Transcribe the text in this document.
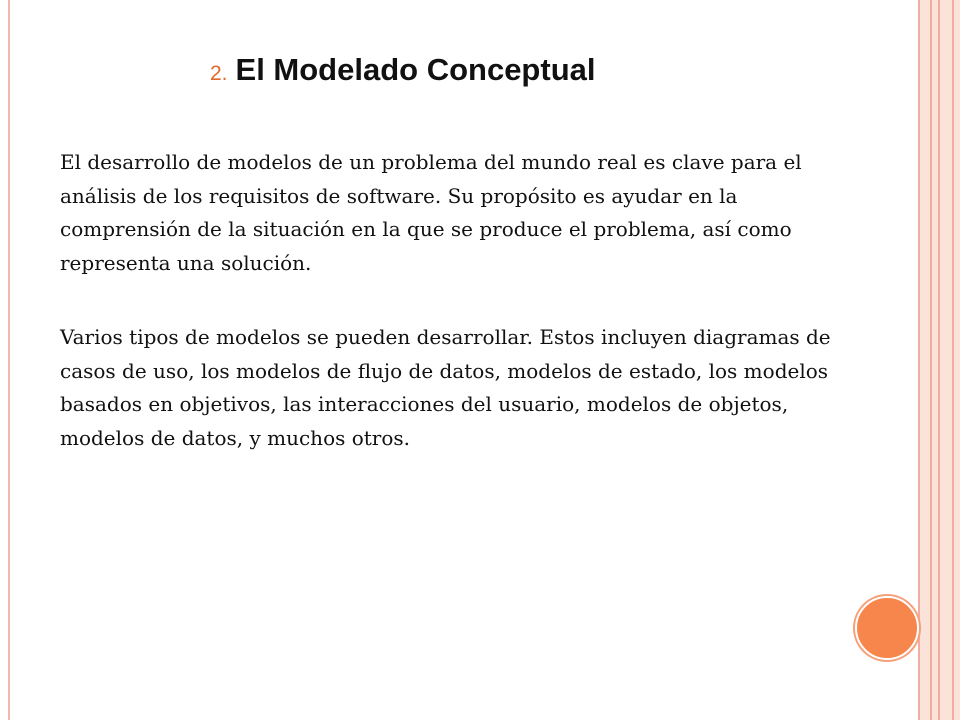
2. El Modelado Conceptual

El desarrollo de modelos de un problema del mundo real es clave para el análisis de los requisitos de software. Su propósito es ayudar en la comprensión de la situación en la que se produce el problema, así como representa una solución.

Varios tipos de modelos se pueden desarrollar. Estos incluyen diagramas de casos de uso, los modelos de flujo de datos, modelos de estado, los modelos basados en objetivos, las interacciones del usuario, modelos de objetos, modelos de datos, y muchos otros.
